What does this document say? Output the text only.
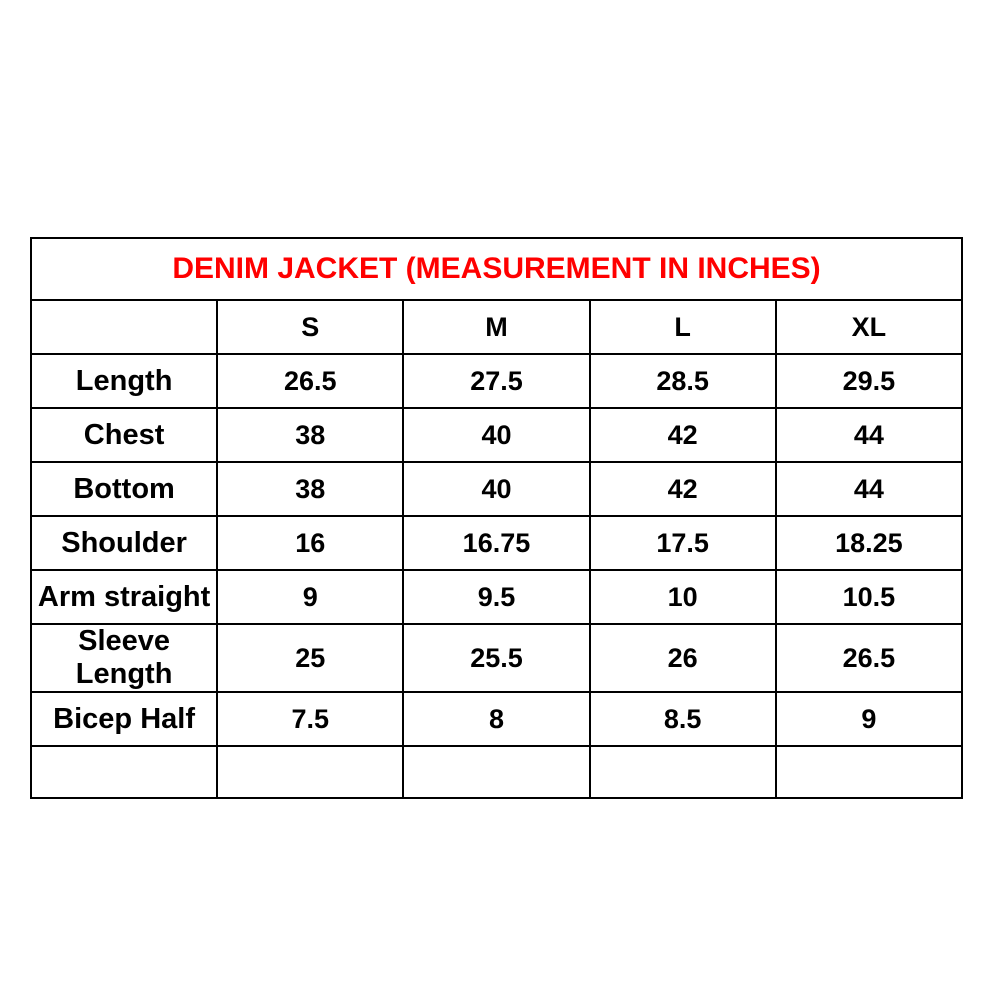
DENIM JACKET (MEASUREMENT IN INCHES)				
	S	M	L	XL
Length	26.5	27.5	28.5	29.5
Chest	38	40	42	44
Bottom	38	40	42	44
Shoulder	16	16.75	17.5	18.25
Arm straight	9	9.5	10	10.5
Sleeve Length	25	25.5	26	26.5
Bicep Half	7.5	8	8.5	9
